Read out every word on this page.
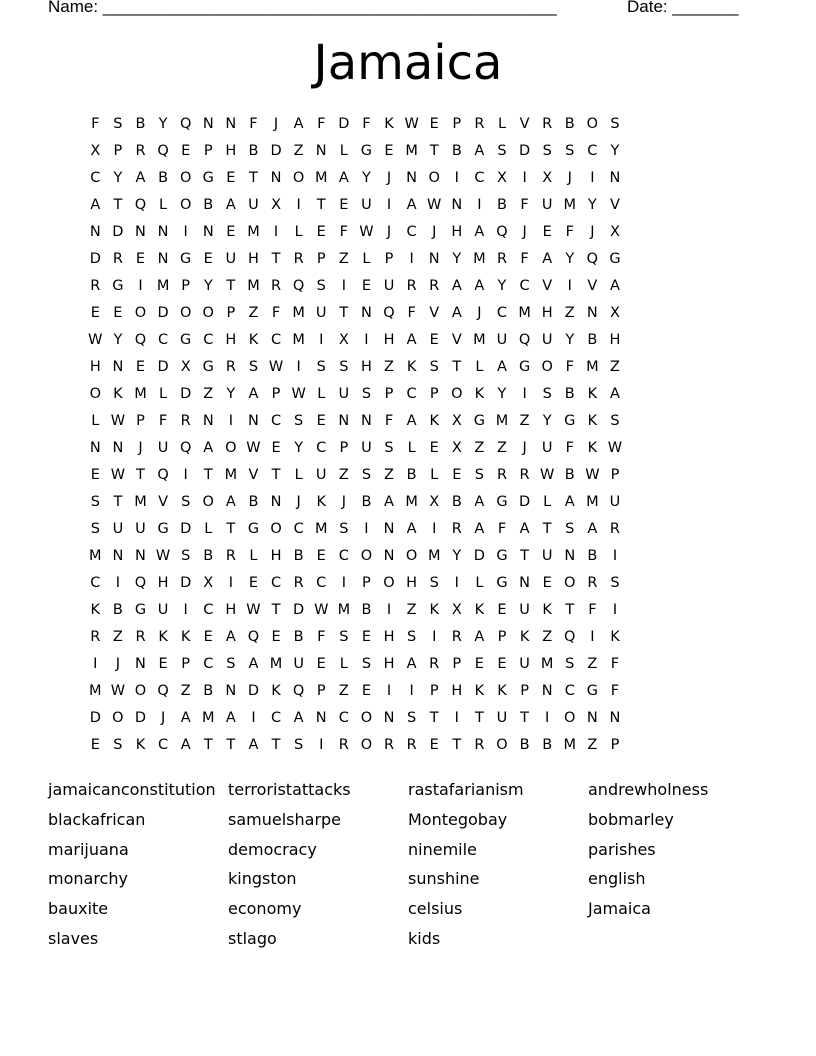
Name: ________________________________________________	Date: _______
Jamaica
F S B Y Q N N F	J	A F D F K W E P R L V R B O S
X P R Q E P H B D Z N L G E M T B A S D S S C Y
C Y A B O G E T N O M A Y	J	N O	I	C X	I	X	J	I	N
A T Q L O B A U X	I	T E U	I	A W N	I	B F U M Y V
N D N N	I	N E M I	L E F W J	C	J	H A Q	J	E F	J	X
D R E N G E U H T R P Z L P	I	N Y M R F A Y Q G
R G	I M P Y T M R Q S	I	E U R R A A Y C V	I	V A
E E O D O O P Z F M U T N Q F V A	J	C M H Z N X
W Y Q C G C H K C M I	X	I	H A E V M U Q U Y B H
H N E D X G R S W I	S S H Z K S T L A G O F M Z
O K M L D Z Y A P W L U S P C P O K Y	I	S B K A
L W P F R N	I	N C S E N N F A K X G M Z Y G K S
N N	J	U Q A O W E Y C P U S L E X Z Z	J	U F K W
E W T Q	I	T M V T L U Z S Z B L E S R R W B W P
S T M V S O A B N	J	K	J	B A M X B A G D L A M U
S U U G D L T G O C M S	I	N A	I	R A F A T S A R
M N N W S B R L H B E C O N O M Y D G T U N B	I
C	I	Q H D X	I	E C R C	I	P O H S	I	L G N E O R S
K B G U	I	C H W T D W M B	I	Z K X K E U K T F	I
R Z R K K E A Q E B F S E H S	I	R A P K Z Q	I	K
I	J	N E P C S A M U E L S H A R P E E U M S Z F
M W O Q Z B N D K Q P Z E	I	I	P H K K P N C G F
D O D	J	A M A	I	C A N C O N S T	I	T U T	I	O N N
E S K C A T T A T S	I	R O R R E T R O B B M Z P
jamaicanconstitution terroristattacks	rastafarianism	andrewholness
blackafrican	samuelsharpe	Montegobay	bobmarley
marijuana	democracy	ninemile	parishes
monarchy	kingston	sunshine	english
bauxite	economy	celsius	Jamaica
slaves	stlago	kids
